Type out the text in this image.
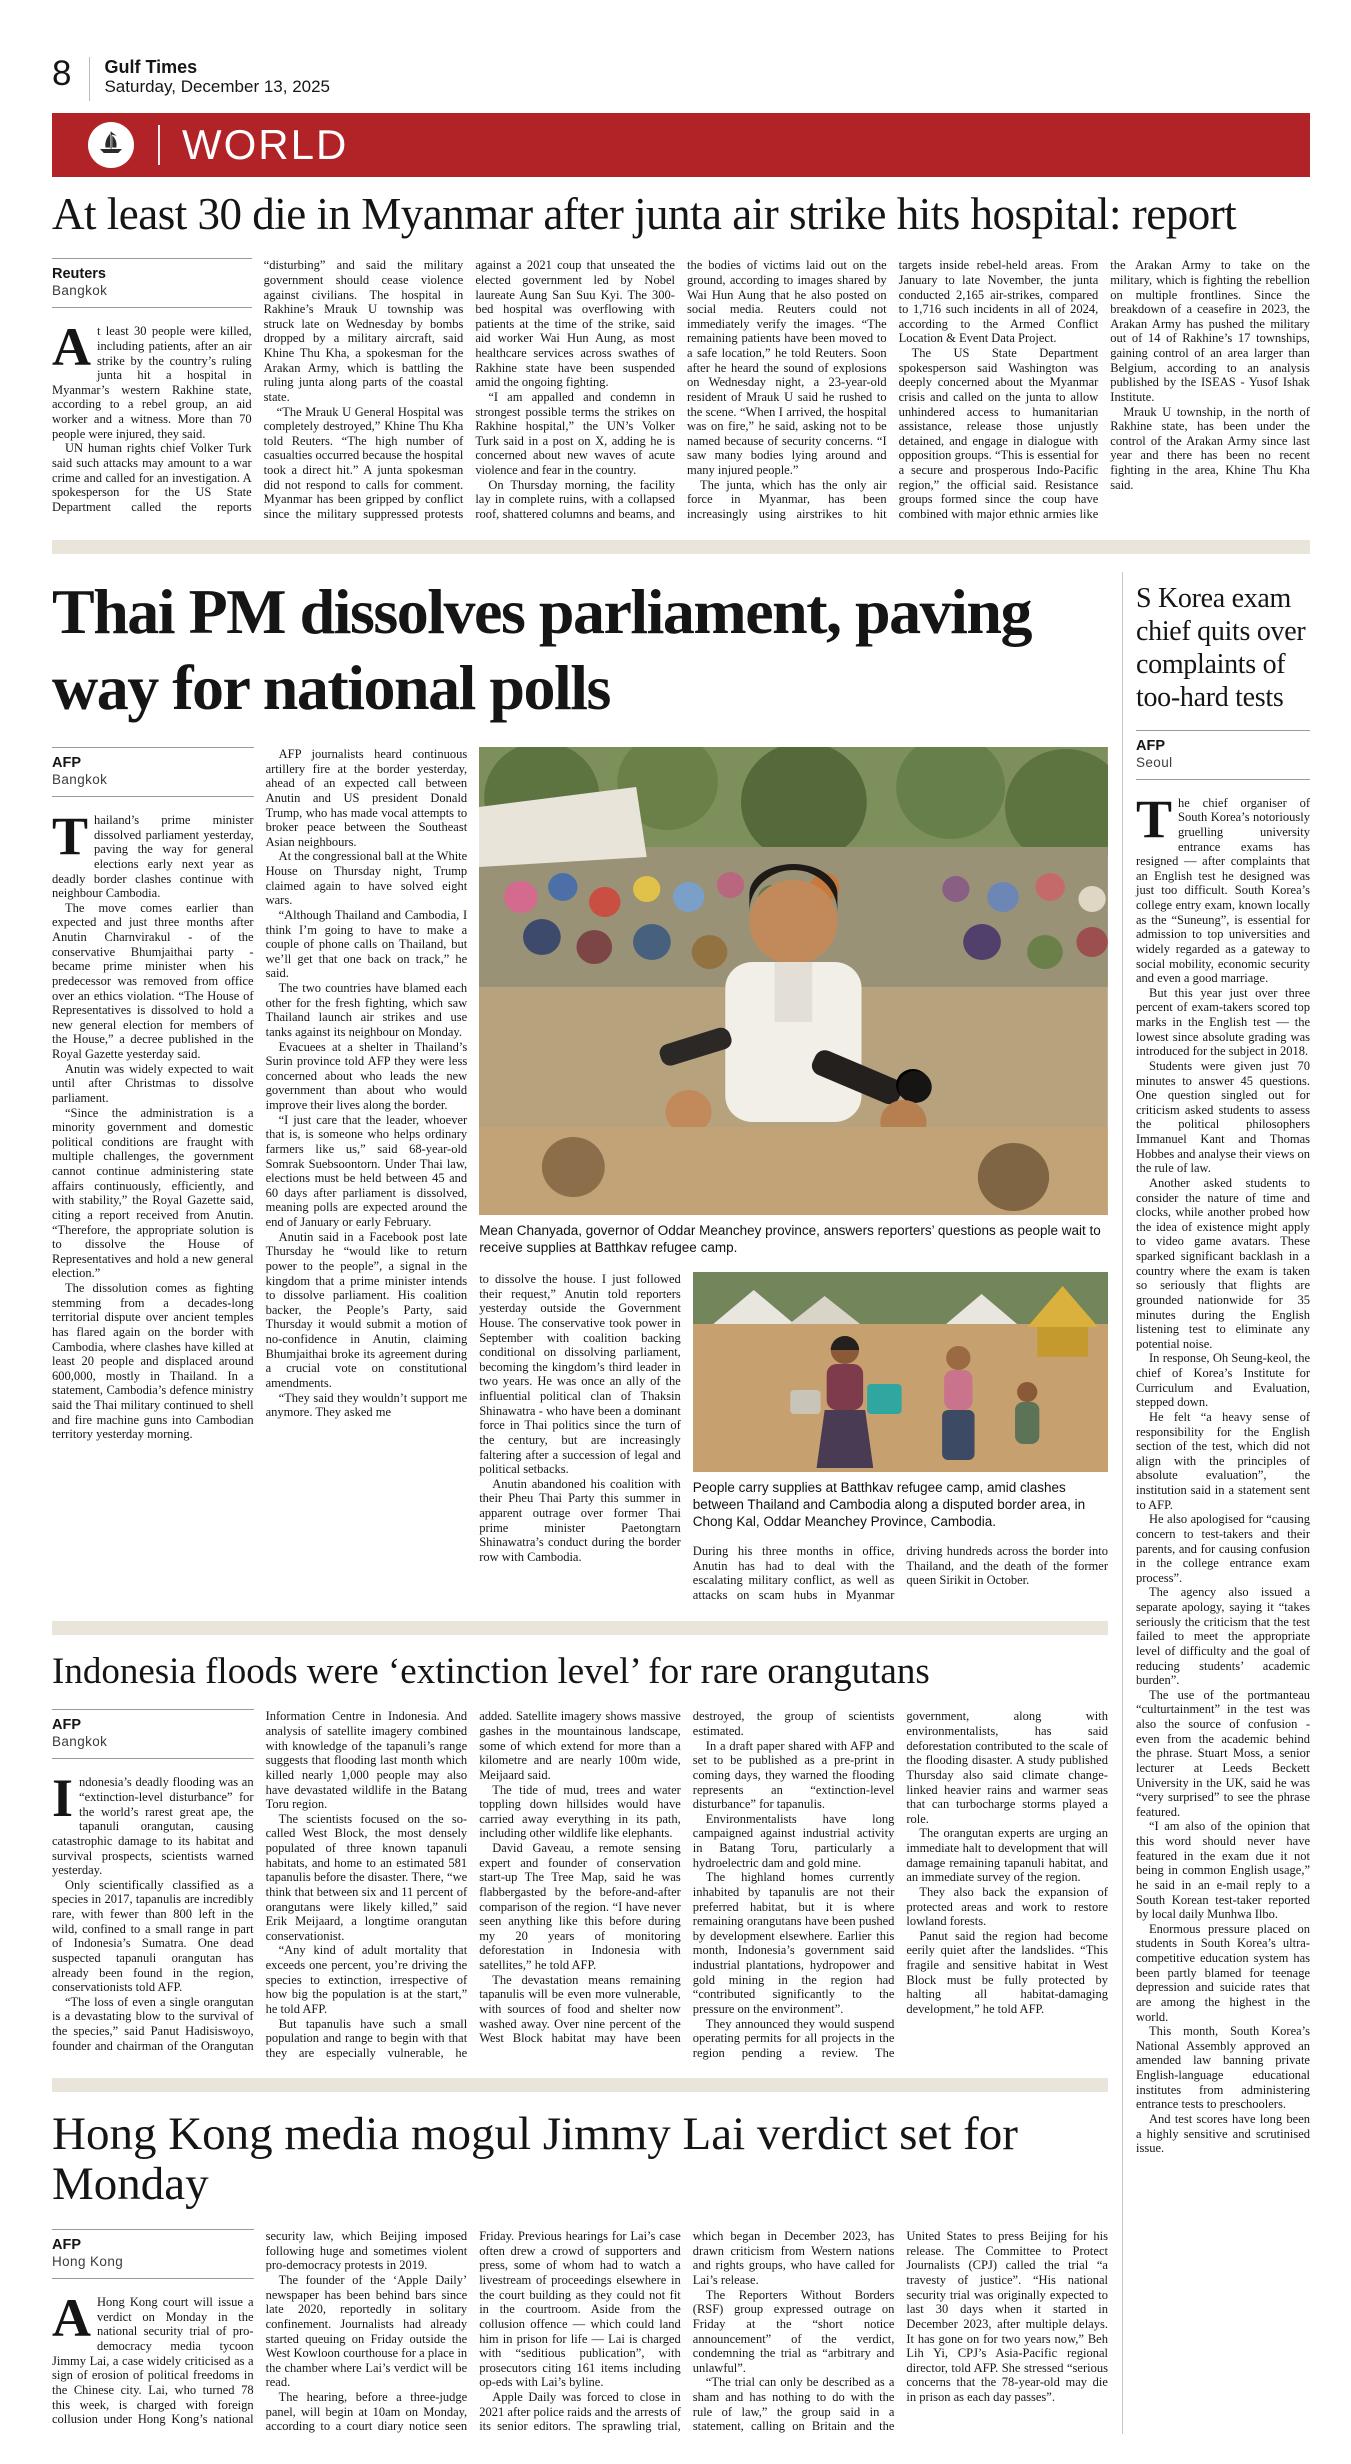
8 Gulf Times
Saturday, December 13, 2025
WORLD
At least 30 die in Myanmar after junta air strike hits hospital: report
Reuters
Bangkok

At least 30 people were killed, including patients, after an air strike by the country’s ruling junta hit a hospital in Myanmar’s western Rakhine state, according to a rebel group, an aid worker and a witness. More than 70 people were injured, they said.

UN human rights chief Volker Turk said such attacks may amount to a war crime and called for an investigation. A spokesperson for the US State Department called the reports “disturbing” and said the military government should cease violence against civilians. The hospital in Rakhine’s Mrauk U township was struck late on Wednesday by bombs dropped by a military aircraft, said Khine Thu Kha, a spokesman for the Arakan Army, which is battling the ruling junta along parts of the coastal state.

“The Mrauk U General Hospital was completely destroyed,” Khine Thu Kha told Reuters. “The high number of casualties occurred because the hospital took a direct hit.” A junta spokesman did not respond to calls for comment. Myanmar has been gripped by conflict since the military suppressed protests against a 2021 coup that unseated the elected government led by Nobel laureate Aung San Suu Kyi. The 300-bed hospital was overflowing with patients at the time of the strike, said aid worker Wai Hun Aung, as most healthcare services across swathes of Rakhine state have been suspended amid the ongoing fighting.

“I am appalled and condemn in strongest possible terms the strikes on Rakhine hospital,” the UN’s Volker Turk said in a post on X, adding he is concerned about new waves of acute violence and fear in the country.

On Thursday morning, the facility lay in complete ruins, with a collapsed roof, shattered columns and beams, and the bodies of victims laid out on the ground, according to images shared by Wai Hun Aung that he also posted on social media. Reuters could not immediately verify the images. “The remaining patients have been moved to a safe location,” he told Reuters. Soon after he heard the sound of explosions on Wednesday night, a 23-year-old resident of Mrauk U said he rushed to the scene. “When I arrived, the hospital was on fire,” he said, asking not to be named because of security concerns. “I saw many bodies lying around and many injured people.”

The junta, which has the only air force in Myanmar, has been increasingly using airstrikes to hit targets inside rebel-held areas. From January to late November, the junta conducted 2,165 air-strikes, compared to 1,716 such incidents in all of 2024, according to the Armed Conflict Location & Event Data Project.

The US State Department spokesperson said Washington was deeply concerned about the Myanmar crisis and called on the junta to allow unhindered access to humanitarian assistance, release those unjustly detained, and engage in dialogue with opposition groups. “This is essential for a secure and prosperous Indo-Pacific region,” the official said. Resistance groups formed since the coup have combined with major ethnic armies like the Arakan Army to take on the military, which is fighting the rebellion on multiple frontlines. Since the breakdown of a ceasefire in 2023, the Arakan Army has pushed the military out of 14 of Rakhine’s 17 townships, gaining control of an area larger than Belgium, according to an analysis published by the ISEAS - Yusof Ishak Institute.

Mrauk U township, in the north of Rakhine state, has been under the control of the Arakan Army since last year and there has been no recent fighting in the area, Khine Thu Kha said.

Thai PM dissolves parliament, paving way for national polls
AFP
Bangkok

Thailand’s prime minister dissolved parliament yesterday, paving the way for general elections early next year as deadly border clashes continue with neighbour Cambodia.

The move comes earlier than expected and just three months after Anutin Charnvirakul - of the conservative Bhumjaithai party - became prime minister when his predecessor was removed from office over an ethics violation. “The House of Representatives is dissolved to hold a new general election for members of the House,” a decree published in the Royal Gazette yesterday said.

Anutin was widely expected to wait until after Christmas to dissolve parliament.

“Since the administration is a minority government and domestic political conditions are fraught with multiple challenges, the government cannot continue administering state affairs continuously, efficiently, and with stability,” the Royal Gazette said, citing a report received from Anutin. “Therefore, the appropriate solution is to dissolve the House of Representatives and hold a new general election.”

The dissolution comes as fighting stemming from a decades-long territorial dispute over ancient temples has flared again on the border with Cambodia, where clashes have killed at least 20 people and displaced around 600,000, mostly in Thailand. In a statement, Cambodia’s defence ministry said the Thai military continued to shell and fire machine guns into Cambodian territory yesterday morning.

AFP journalists heard continuous artillery fire at the border yesterday, ahead of an expected call between Anutin and US president Donald Trump, who has made vocal attempts to broker peace between the Southeast Asian neighbours.

At the congressional ball at the White House on Thursday night, Trump claimed again to have solved eight wars.

“Although Thailand and Cambodia, I think I’m going to have to make a couple of phone calls on Thailand, but we’ll get that one back on track,” he said.

The two countries have blamed each other for the fresh fighting, which saw Thailand launch air strikes and use tanks against its neighbour on Monday.

Evacuees at a shelter in Thailand’s Surin province told AFP they were less concerned about who leads the new government than about who would improve their lives along the border.

“I just care that the leader, whoever that is, is someone who helps ordinary farmers like us,” said 68-year-old Somrak Suebsoontorn. Under Thai law, elections must be held between 45 and 60 days after parliament is dissolved, meaning polls are expected around the end of January or early February.

Anutin said in a Facebook post late Thursday he “would like to return power to the people”, a signal in the kingdom that a prime minister intends to dissolve parliament. His coalition backer, the People’s Party, said Thursday it would submit a motion of no-confidence in Anutin, claiming Bhumjaithai broke its agreement during a crucial vote on constitutional amendments.

“They said they wouldn’t support me anymore. They asked me

Mean Chanyada, governor of Oddar Meanchey province, answers reporters’ questions as people wait to receive supplies at Batthkav refugee camp.

to dissolve the house. I just followed their request,” Anutin told reporters yesterday outside the Government House. The conservative took power in September with coalition backing conditional on dissolving parliament, becoming the kingdom’s third leader in two years. He was once an ally of the influential political clan of Thaksin Shinawatra - who have been a dominant force in Thai politics since the turn of the century, but are increasingly faltering after a succession of legal and political setbacks.

Anutin abandoned his coalition with their Pheu Thai Party this summer in apparent outrage over former Thai prime minister Paetongtarn Shinawatra’s conduct during the border row with Cambodia.

People carry supplies at Batthkav refugee camp, amid clashes between Thailand and Cambodia along a disputed border area, in Chong Kal, Oddar Meanchey Province, Cambodia.

During his three months in office, Anutin has had to deal with the escalating military conflict, as well as attacks on scam hubs in Myanmar driving hundreds across the border into Thailand, and the death of the former queen Sirikit in October.

Indonesia floods were ‘extinction level’ for rare orangutans
AFP
Bangkok

Indonesia’s deadly flooding was an “extinction-level disturbance” for the world’s rarest great ape, the tapanuli orangutan, causing catastrophic damage to its habitat and survival prospects, scientists warned yesterday.

Only scientifically classified as a species in 2017, tapanulis are incredibly rare, with fewer than 800 left in the wild, confined to a small range in part of Indonesia’s Sumatra. One dead suspected tapanuli orangutan has already been found in the region, conservationists told AFP.

“The loss of even a single orangutan is a devastating blow to the survival of the species,” said Panut Hadisiswoyo, founder and chairman of the Orangutan Information Centre in Indonesia. And analysis of satellite imagery combined with knowledge of the tapanuli’s range suggests that flooding last month which killed nearly 1,000 people may also have devastated wildlife in the Batang Toru region.

The scientists focused on the so-called West Block, the most densely populated of three known tapanuli habitats, and home to an estimated 581 tapanulis before the disaster. There, “we think that between six and 11 percent of orangutans were likely killed,” said Erik Meijaard, a longtime orangutan conservationist.

“Any kind of adult mortality that exceeds one percent, you’re driving the species to extinction, irrespective of how big the population is at the start,” he told AFP.

But tapanulis have such a small population and range to begin with that they are especially vulnerable, he added. Satellite imagery shows massive gashes in the mountainous landscape, some of which extend for more than a kilometre and are nearly 100m wide, Meijaard said.

The tide of mud, trees and water toppling down hillsides would have carried away everything in its path, including other wildlife like elephants.

David Gaveau, a remote sensing expert and founder of conservation start-up The Tree Map, said he was flabbergasted by the before-and-after comparison of the region. “I have never seen anything like this before during my 20 years of monitoring deforestation in Indonesia with satellites,” he told AFP.

The devastation means remaining tapanulis will be even more vulnerable, with sources of food and shelter now washed away. Over nine percent of the West Block habitat may have been destroyed, the group of scientists estimated.

In a draft paper shared with AFP and set to be published as a pre-print in coming days, they warned the flooding represents an “extinction-level disturbance” for tapanulis.

Environmentalists have long campaigned against industrial activity in Batang Toru, particularly a hydroelectric dam and gold mine.

The highland homes currently inhabited by tapanulis are not their preferred habitat, but it is where remaining orangutans have been pushed by development elsewhere. Earlier this month, Indonesia’s government said industrial plantations, hydropower and gold mining in the region had “contributed significantly to the pressure on the environment”.

They announced they would suspend operating permits for all projects in the region pending a review. The government, along with environmentalists, has said deforestation contributed to the scale of the flooding disaster. A study published Thursday also said climate change-linked heavier rains and warmer seas that can turbocharge storms played a role.

The orangutan experts are urging an immediate halt to development that will damage remaining tapanuli habitat, and an immediate survey of the region.

They also back the expansion of protected areas and work to restore lowland forests.

Panut said the region had become eerily quiet after the landslides. “This fragile and sensitive habitat in West Block must be fully protected by halting all habitat-damaging development,” he told AFP.

Hong Kong media mogul Jimmy Lai verdict set for Monday
AFP
Hong Kong

A Hong Kong court will issue a verdict on Monday in the national security trial of pro-democracy media tycoon Jimmy Lai, a case widely criticised as a sign of erosion of political freedoms in the Chinese city. Lai, who turned 78 this week, is charged with foreign collusion under Hong Kong’s national security law, which Beijing imposed following huge and sometimes violent pro-democracy protests in 2019.

The founder of the ‘Apple Daily’ newspaper has been behind bars since late 2020, reportedly in solitary confinement. Journalists had already started queuing on Friday outside the West Kowloon courthouse for a place in the chamber where Lai’s verdict will be read.

The hearing, before a three-judge panel, will begin at 10am on Monday, according to a court diary notice seen Friday. Previous hearings for Lai’s case often drew a crowd of supporters and press, some of whom had to watch a livestream of proceedings elsewhere in the court building as they could not fit in the courtroom. Aside from the collusion offence — which could land him in prison for life — Lai is charged with “seditious publication”, with prosecutors citing 161 items including op-eds with Lai’s byline.

Apple Daily was forced to close in 2021 after police raids and the arrests of its senior editors. The sprawling trial, which began in December 2023, has drawn criticism from Western nations and rights groups, who have called for Lai’s release.

The Reporters Without Borders (RSF) group expressed outrage on Friday at the “short notice announcement” of the verdict, condemning the trial as “arbitrary and unlawful”.

“The trial can only be described as a sham and has nothing to do with the rule of law,” the group said in a statement, calling on Britain and the United States to press Beijing for his release. The Committee to Protect Journalists (CPJ) called the trial “a travesty of justice”. “His national security trial was originally expected to last 30 days when it started in December 2023, after multiple delays. It has gone on for two years now,” Beh Lih Yi, CPJ’s Asia-Pacific regional director, told AFP. She stressed “serious concerns that the 78-year-old may die in prison as each day passes”.

S Korea exam chief quits over complaints of too-hard tests
AFP
Seoul

The chief organiser of South Korea’s notoriously gruelling university entrance exams has resigned — after complaints that an English test he designed was just too difficult. South Korea’s college entry exam, known locally as the “Suneung”, is essential for admission to top universities and widely regarded as a gateway to social mobility, economic security and even a good marriage.

But this year just over three percent of exam-takers scored top marks in the English test — the lowest since absolute grading was introduced for the subject in 2018.

Students were given just 70 minutes to answer 45 questions. One question singled out for criticism asked students to assess the political philosophers Immanuel Kant and Thomas Hobbes and analyse their views on the rule of law.

Another asked students to consider the nature of time and clocks, while another probed how the idea of existence might apply to video game avatars. These sparked significant backlash in a country where the exam is taken so seriously that flights are grounded nationwide for 35 minutes during the English listening test to eliminate any potential noise.

In response, Oh Seung-keol, the chief of Korea’s Institute for Curriculum and Evaluation, stepped down.

He felt “a heavy sense of responsibility for the English section of the test, which did not align with the principles of absolute evaluation”, the institution said in a statement sent to AFP.

He also apologised for “causing concern to test-takers and their parents, and for causing confusion in the college entrance exam process”.

The agency also issued a separate apology, saying it “takes seriously the criticism that the test failed to meet the appropriate level of difficulty and the goal of reducing students’ academic burden”.

The use of the portmanteau “culturtainment” in the test was also the source of confusion - even from the academic behind the phrase. Stuart Moss, a senior lecturer at Leeds Beckett University in the UK, said he was “very surprised” to see the phrase featured.

“I am also of the opinion that this word should never have featured in the exam due it not being in common English usage,” he said in an e-mail reply to a South Korean test-taker reported by local daily Munhwa Ilbo.

Enormous pressure placed on students in South Korea’s ultra-competitive education system has been partly blamed for teenage depression and suicide rates that are among the highest in the world.

This month, South Korea’s National Assembly approved an amended law banning private English-language educational institutes from administering entrance tests to preschoolers.

And test scores have long been a highly sensitive and scrutinised issue.
